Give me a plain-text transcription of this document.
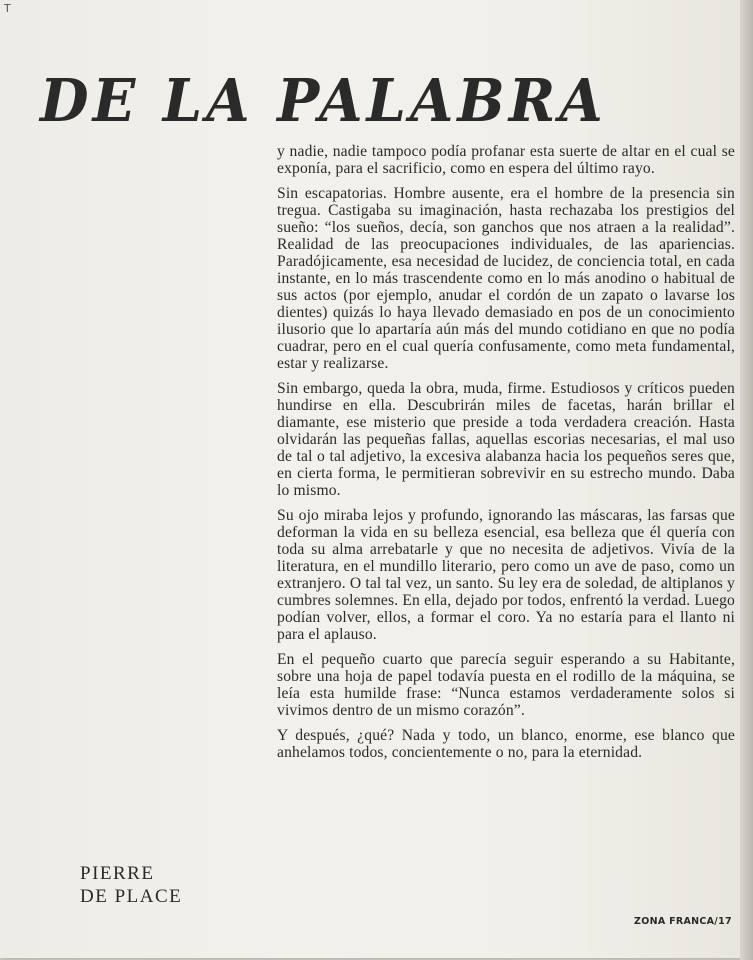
T
DE LA PALABRA

y nadie, nadie tampoco podía profanar esta suerte de altar en el cual se exponía, para el sacrificio, como en espera del último rayo.

Sin escapatorias. Hombre ausente, era el hombre de la presencia sin tregua. Castigaba su imaginación, hasta rechazaba los prestigios del sueño: “los sueños, decía, son ganchos que nos atraen a la realidad”. Realidad de las preocupaciones individuales, de las apariencias. Paradójicamente, esa necesidad de lucidez, de conciencia total, en cada instante, en lo más trascendente como en lo más anodino o habitual de sus actos (por ejemplo, anudar el cordón de un zapato o lavarse los dientes) quizás lo haya llevado demasiado en pos de un conocimiento ilusorio que lo apartaría aún más del mundo cotidiano en que no podía cuadrar, pero en el cual quería confusamente, como meta fundamental, estar y realizarse.

Sin embargo, queda la obra, muda, firme. Estudiosos y críticos pueden hundirse en ella. Descubrirán miles de facetas, harán brillar el diamante, ese misterio que preside a toda verdadera creación. Hasta olvidarán las pequeñas fallas, aquellas escorias necesarias, el mal uso de tal o tal adjetivo, la excesiva alabanza hacia los pequeños seres que, en cierta forma, le permitieran sobrevivir en su estrecho mundo. Daba lo mismo.

Su ojo miraba lejos y profundo, ignorando las máscaras, las farsas que deforman la vida en su belleza esencial, esa belleza que él quería con toda su alma arrebatarle y que no necesita de adjetivos. Vivía de la literatura, en el mundillo literario, pero como un ave de paso, como un extranjero. O tal tal vez, un santo. Su ley era de soledad, de altiplanos y cumbres solemnes. En ella, dejado por todos, enfrentó la verdad. Luego podían volver, ellos, a formar el coro. Ya no estaría para el llanto ni para el aplauso.

En el pequeño cuarto que parecía seguir esperando a su Habitante, sobre una hoja de papel todavía puesta en el rodillo de la máquina, se leía esta humilde frase: “Nunca estamos verdaderamente solos si vivimos dentro de un mismo corazón”.

Y después, ¿qué? Nada y todo, un blanco, enorme, ese blanco que anhelamos todos, concientemente o no, para la eternidad.

PIERRE
DE PLACE
ZONA FRANCA/17
